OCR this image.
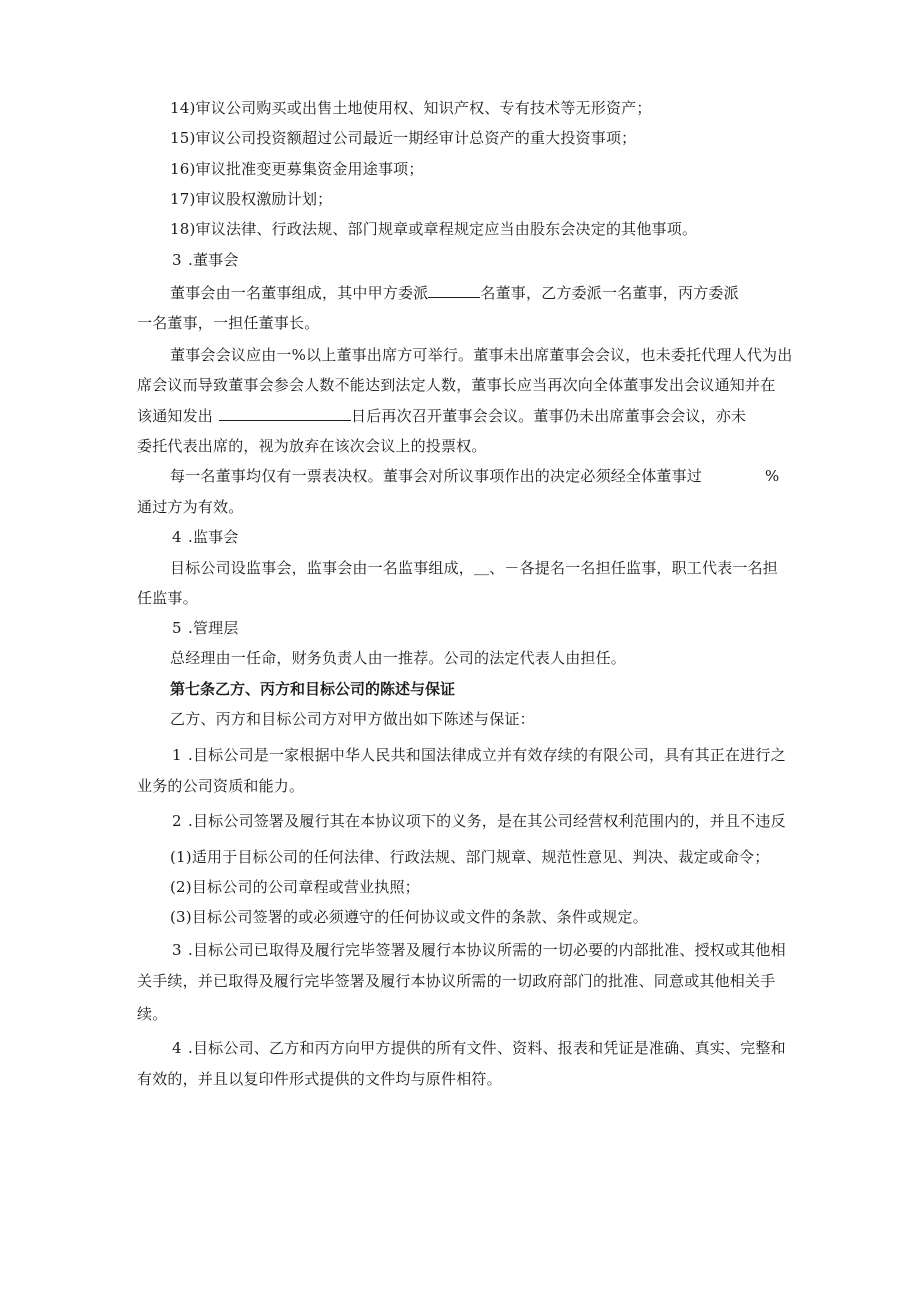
14)审议公司购买或出售土地使用权、知识产权、专有技术等无形资产；
15)审议公司投资额超过公司最近一期经审计总资产的重大投资事项；
16)审议批准变更募集资金用途事项；
17)审议股权激励计划；
18)审议法律、行政法规、部门规章或章程规定应当由股东会决定的其他事项。
3 .董事会
董事会由一名董事组成，其中甲方委派	名董事，乙方委派一名董事，丙方委派
一名董事，一担任董事长。
董事会会议应由一%以上董事出席方可举行。董事未出席董事会会议，也未委托代理人代为出
席会议而导致董事会参会人数不能达到法定人数，董事长应当再次向全体董事发出会议通知并在
该通知发出	日后再次召开董事会会议。董事仍未出席董事会会议，亦未
委托代表出席的，视为放弃在该次会议上的投票权。
每一名董事均仅有一票表决权。董事会对所议事项作出的决定必须经全体董事过	%
通过方为有效。
4 .监事会
目标公司设监事会，监事会由一名监事组成，＿、－各提名一名担任监事，职工代表一名担
任监事。
5 .管理层
总经理由一任命，财务负责人由一推荐。公司的法定代表人由担任。
第七条乙方、丙方和目标公司的陈述与保证
乙方、丙方和目标公司方对甲方做出如下陈述与保证：
1 .目标公司是一家根据中华人民共和国法律成立并有效存续的有限公司，具有其正在进行之
业务的公司资质和能力。
2 .目标公司签署及履行其在本协议项下的义务，是在其公司经营权利范围内的，并且不违反
(1)适用于目标公司的任何法律、行政法规、部门规章、规范性意见、判决、裁定或命令；
(2)目标公司的公司章程或营业执照；
(3)目标公司签署的或必须遵守的任何协议或文件的条款、条件或规定。
3 .目标公司已取得及履行完毕签署及履行本协议所需的一切必要的内部批准、授权或其他相
关手续，并已取得及履行完毕签署及履行本协议所需的一切政府部门的批准、同意或其他相关手
续。
4 .目标公司、乙方和丙方向甲方提供的所有文件、资料、报表和凭证是准确、真实、完整和
有效的，并且以复印件形式提供的文件均与原件相符。
